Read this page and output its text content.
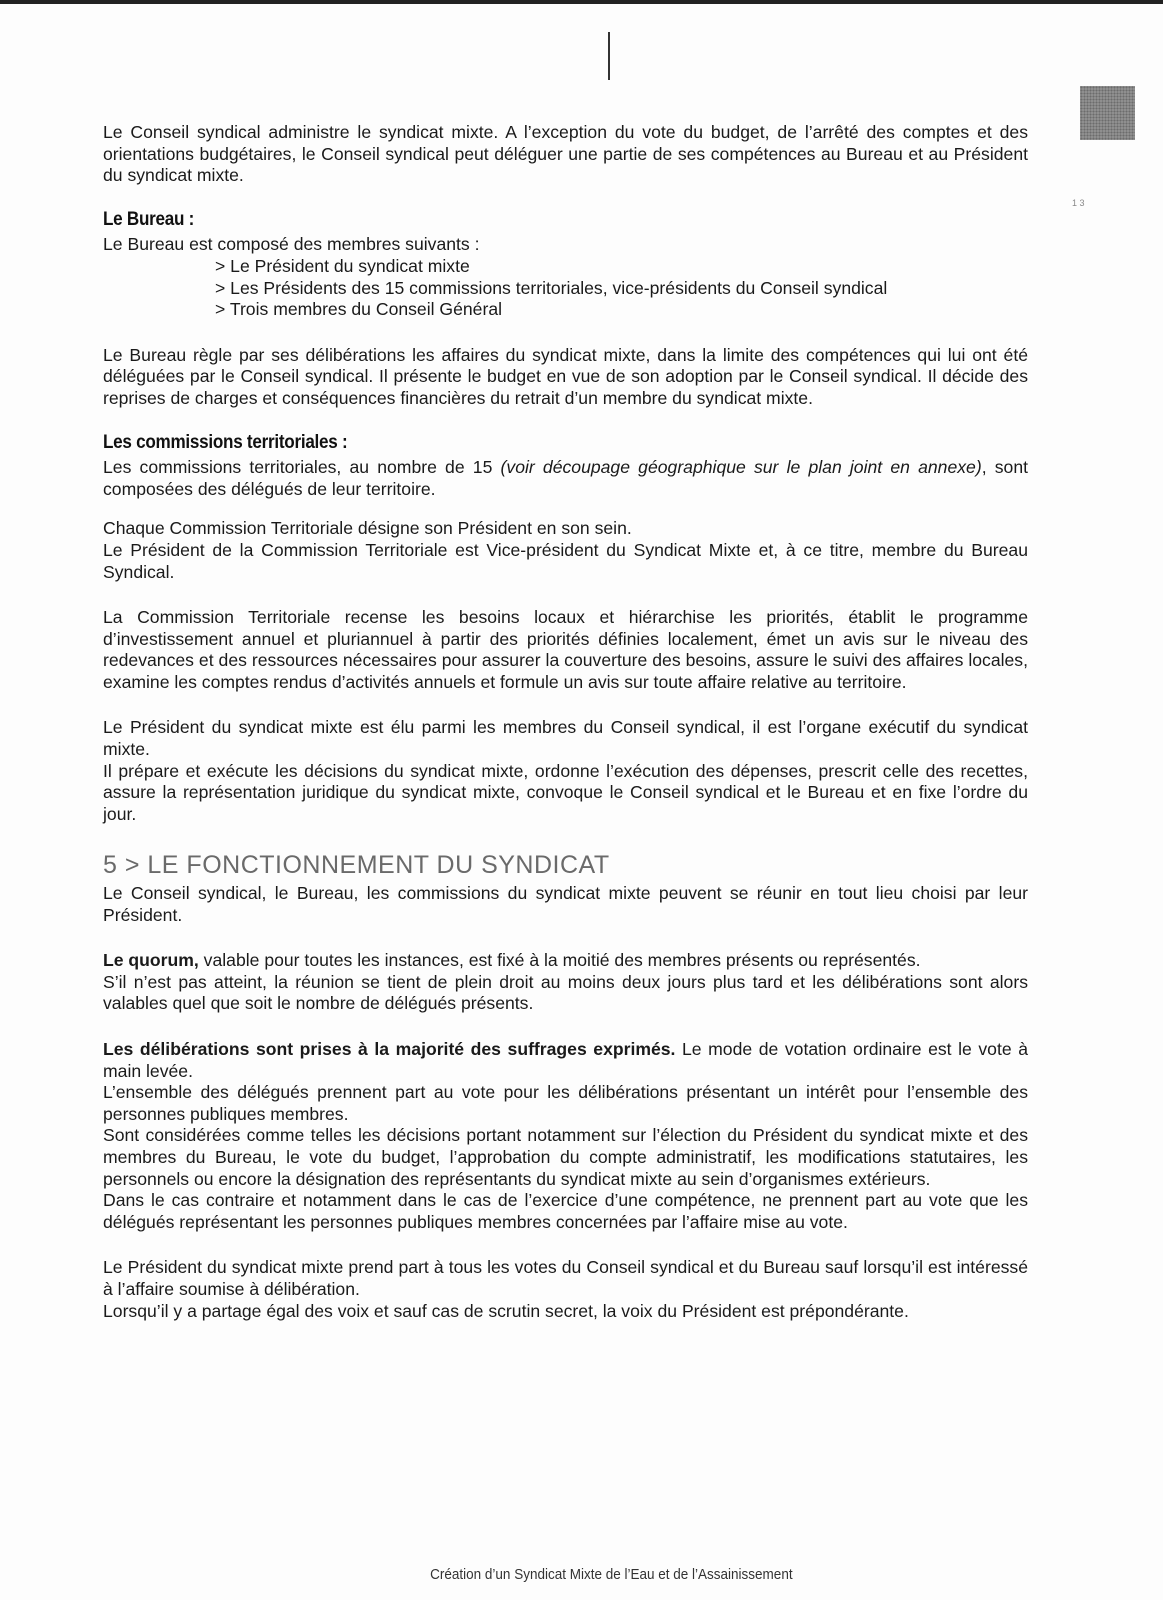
1 3

Le Conseil syndical administre le syndicat mixte. A l’exception du vote du budget, de l’arrêté des comptes et des orientations budgétaires, le Conseil syndical peut déléguer une partie de ses compétences au Bureau et au Président du syndicat mixte.

Le Bureau :

Le Bureau est composé des membres suivants :

> Le Président du syndicat mixte
> Les Présidents des 15 commissions territoriales, vice-présidents du Conseil syndical
> Trois membres du Conseil Général

Le Bureau règle par ses délibérations les affaires du syndicat mixte, dans la limite des compétences qui lui ont été déléguées par le Conseil syndical. Il présente le budget en vue de son adoption par le Conseil syndical. Il décide des reprises de charges et conséquences financières du retrait d’un membre du syndicat mixte.

Les commissions territoriales :

Les commissions territoriales, au nombre de 15 (voir découpage géographique sur le plan joint en annexe), sont composées des délégués de leur territoire.

Chaque Commission Territoriale désigne son Président en son sein.

Le Président de la Commission Territoriale est Vice-président du Syndicat Mixte et, à ce titre, membre du Bureau Syndical.

La Commission Territoriale recense les besoins locaux et hiérarchise les priorités, établit le programme d’investissement annuel et pluriannuel à partir des priorités définies localement, émet un avis sur le niveau des redevances et des ressources nécessaires pour assurer la couverture des besoins, assure le suivi des affaires locales, examine les comptes rendus d’activités annuels et formule un avis sur toute affaire relative au territoire.

Le Président du syndicat mixte est élu parmi les membres du Conseil syndical, il est l’organe exécutif du syndicat mixte.

Il prépare et exécute les décisions du syndicat mixte, ordonne l’exécution des dépenses, prescrit celle des recettes, assure la représentation juridique du syndicat mixte, convoque le Conseil syndical et le Bureau et en fixe l’ordre du jour.

5 > LE FONCTIONNEMENT DU SYNDICAT

Le Conseil syndical, le Bureau, les commissions du syndicat mixte peuvent se réunir en tout lieu choisi par leur Président.

Le quorum, valable pour toutes les instances, est fixé à la moitié des membres présents ou représentés.

S’il n’est pas atteint, la réunion se tient de plein droit au moins deux jours plus tard et les délibérations sont alors valables quel que soit le nombre de délégués présents.

Les délibérations sont prises à la majorité des suffrages exprimés. Le mode de votation ordinaire est le vote à main levée.

L’ensemble des délégués prennent part au vote pour les délibérations présentant un intérêt pour l’ensemble des personnes publiques membres.

Sont considérées comme telles les décisions portant notamment sur l’élection du Président du syndicat mixte et des membres du Bureau, le vote du budget, l’approbation du compte administratif, les modifications statutaires, les personnels ou encore la désignation des représentants du syndicat mixte au sein d’organismes extérieurs.

Dans le cas contraire et notamment dans le cas de l’exercice d’une compétence, ne prennent part au vote que les délégués représentant les personnes publiques membres concernées par l’affaire mise au vote.

Le Président du syndicat mixte prend part à tous les votes du Conseil syndical et du Bureau sauf lorsqu’il est intéressé à l’affaire soumise à délibération.

Lorsqu’il y a partage égal des voix et sauf cas de scrutin secret, la voix du Président est prépondérante.

Création d’un Syndicat Mixte de l’Eau et de l’Assainissement
